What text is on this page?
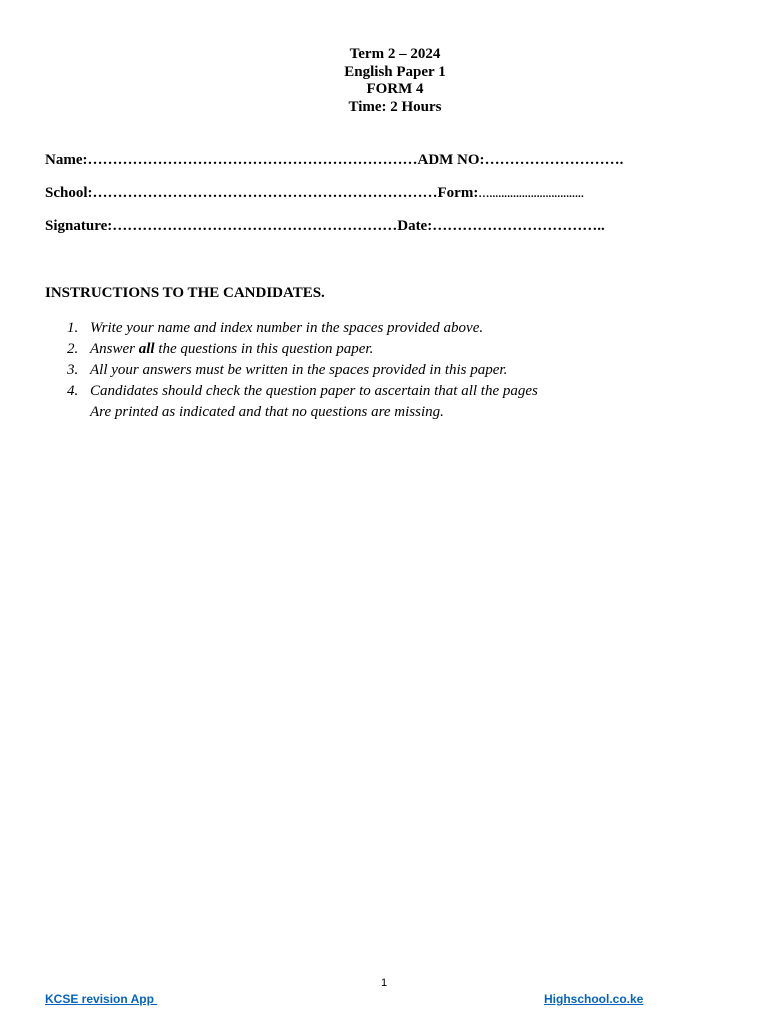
Term 2 – 2024
English Paper 1
FORM 4
Time: 2 Hours
Name:…………………………………………………………ADM NO:……………………….
School:……………………………………………………………Form:…................................
Signature:…………………………………………………Date:……………………………..
INSTRUCTIONS TO THE CANDIDATES.
1. Write your name and index number in the spaces provided above.
2. Answer all the questions in this question paper.
3. All your answers must be written in the spaces provided in this paper.
4. Candidates should check the question paper to ascertain that all the pages
Are printed as indicated and that no questions are missing.
1
KCSE revision App	Highschool.co.ke
